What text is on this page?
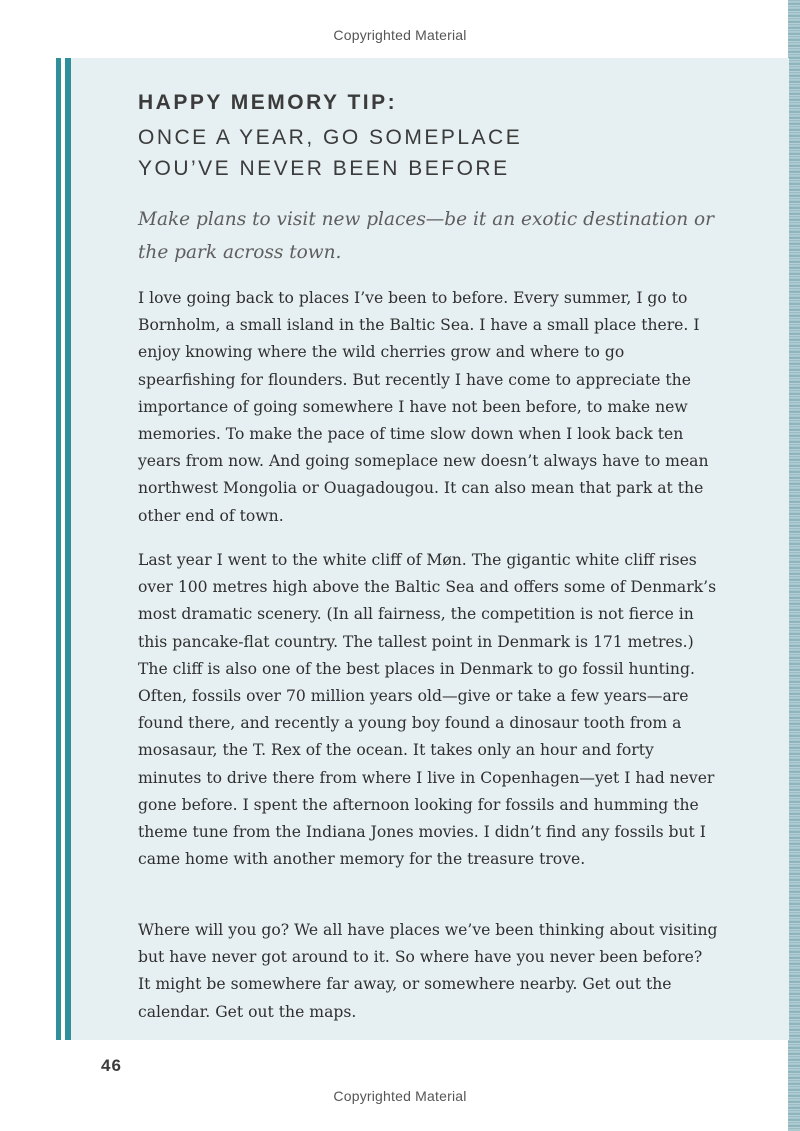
Copyrighted Material
HAPPY MEMORY TIP:
ONCE A YEAR, GO SOMEPLACE
YOU’VE NEVER BEEN BEFORE
Make plans to visit new places—be it an exotic destination or the park across town.

I love going back to places I’ve been to before. Every summer, I go to Bornholm, a small island in the Baltic Sea. I have a small place there. I enjoy knowing where the wild cherries grow and where to go spearfishing for flounders. But recently I have come to appreciate the importance of going somewhere I have not been before, to make new memories. To make the pace of time slow down when I look back ten years from now. And going someplace new doesn’t always have to mean northwest Mongolia or Ouagadougou. It can also mean that park at the other end of town.

Last year I went to the white cliff of Møn. The gigantic white cliff rises over 100 metres high above the Baltic Sea and offers some of Denmark’s most dramatic scenery. (In all fairness, the competition is not fierce in this pancake-flat country. The tallest point in Denmark is 171 metres.) The cliff is also one of the best places in Denmark to go fossil hunting. Often, fossils over 70 million years old—give or take a few years—are found there, and recently a young boy found a dinosaur tooth from a mosasaur, the T. Rex of the ocean. It takes only an hour and forty minutes to drive there from where I live in Copenhagen—yet I had never gone before. I spent the afternoon looking for fossils and humming the theme tune from the Indiana Jones movies. I didn’t find any fossils but I came home with another memory for the treasure trove.

Where will you go? We all have places we’ve been thinking about visiting but have never got around to it. So where have you never been before? It might be somewhere far away, or somewhere nearby. Get out the calendar. Get out the maps.

46
Copyrighted Material
